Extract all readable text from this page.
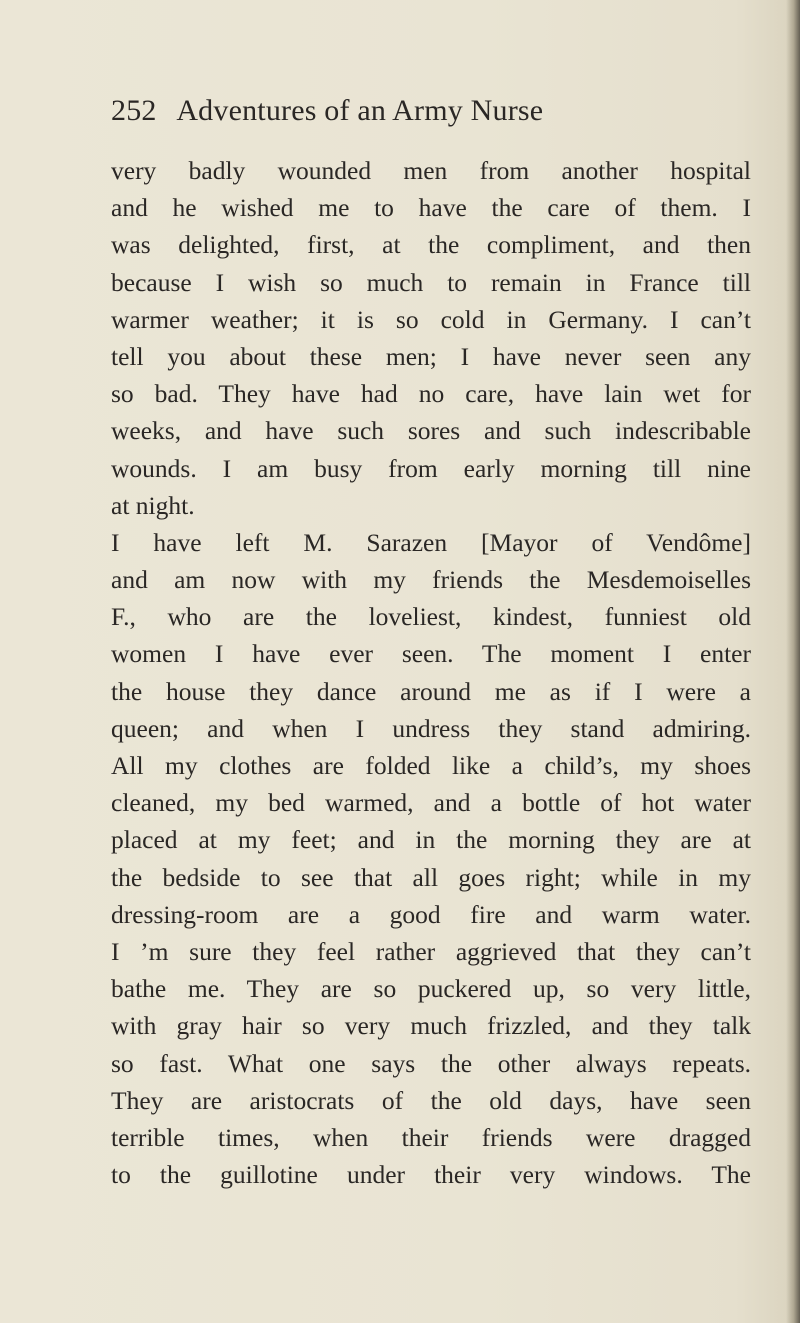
252 Adventures of an Army Nurse
very badly wounded men from another hospital
and he wished me to have the care of them. I
was delighted, first, at the compliment, and then
because I wish so much to remain in France till
warmer weather; it is so cold in Germany. I can’t
tell you about these men; I have never seen any
so bad. They have had no care, have lain wet for
weeks, and have such sores and such indescribable
wounds. I am busy from early morning till nine
at night.
I have left M. Sarazen [Mayor of Vendôme]
and am now with my friends the Mesdemoiselles
F., who are the loveliest, kindest, funniest old
women I have ever seen. The moment I enter
the house they dance around me as if I were a
queen; and when I undress they stand admiring.
All my clothes are folded like a child’s, my shoes
cleaned, my bed warmed, and a bottle of hot water
placed at my feet; and in the morning they are at
the bedside to see that all goes right; while in my
dressing-room are a good fire and warm water.
I ’m sure they feel rather aggrieved that they can’t
bathe me. They are so puckered up, so very little,
with gray hair so very much frizzled, and they talk
so fast. What one says the other always repeats.
They are aristocrats of the old days, have seen
terrible times, when their friends were dragged
to the guillotine under their very windows. The
